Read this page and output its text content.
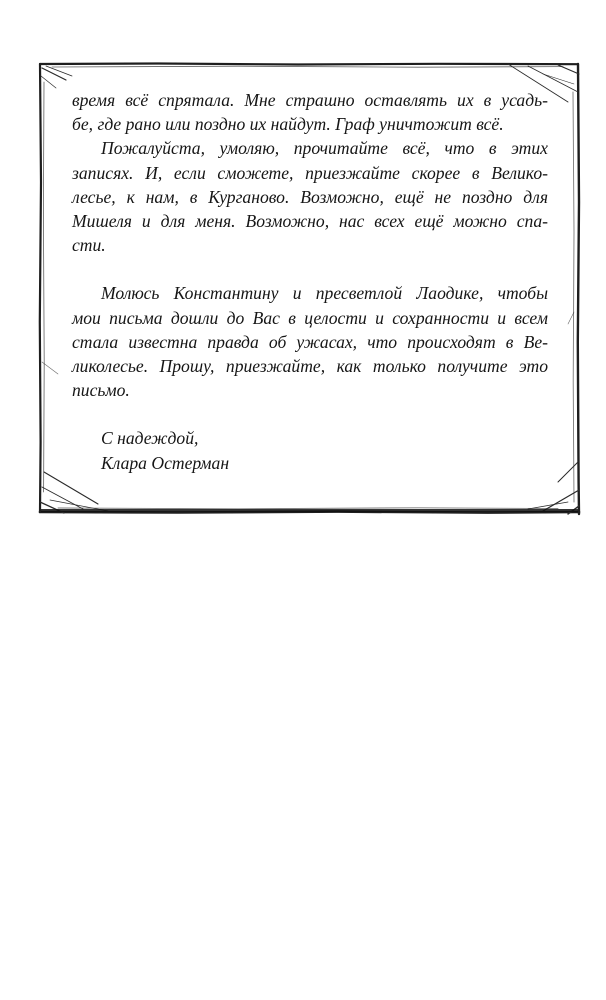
время всё спрятала. Мне страшно оставлять их в усадь-
бе, где рано или поздно их найдут. Граф уничтожит всё.
Пожалуйста, умоляю, прочитайте всё, что в этих
записях. И, если сможете, приезжайте скорее в Велико-
лесье, к нам, в Курганово. Возможно, ещё не поздно для
Мишеля и для меня. Возможно, нас всех ещё можно спа-
сти.
Молюсь Константину и пресветлой Лаодике, чтобы
мои письма дошли до Вас в целости и сохранности и всем
стала известна правда об ужасах, что происходят в Ве-
ликолесье. Прошу, приезжайте, как только получите это
письмо.
С надеждой,
Клара Остерман
